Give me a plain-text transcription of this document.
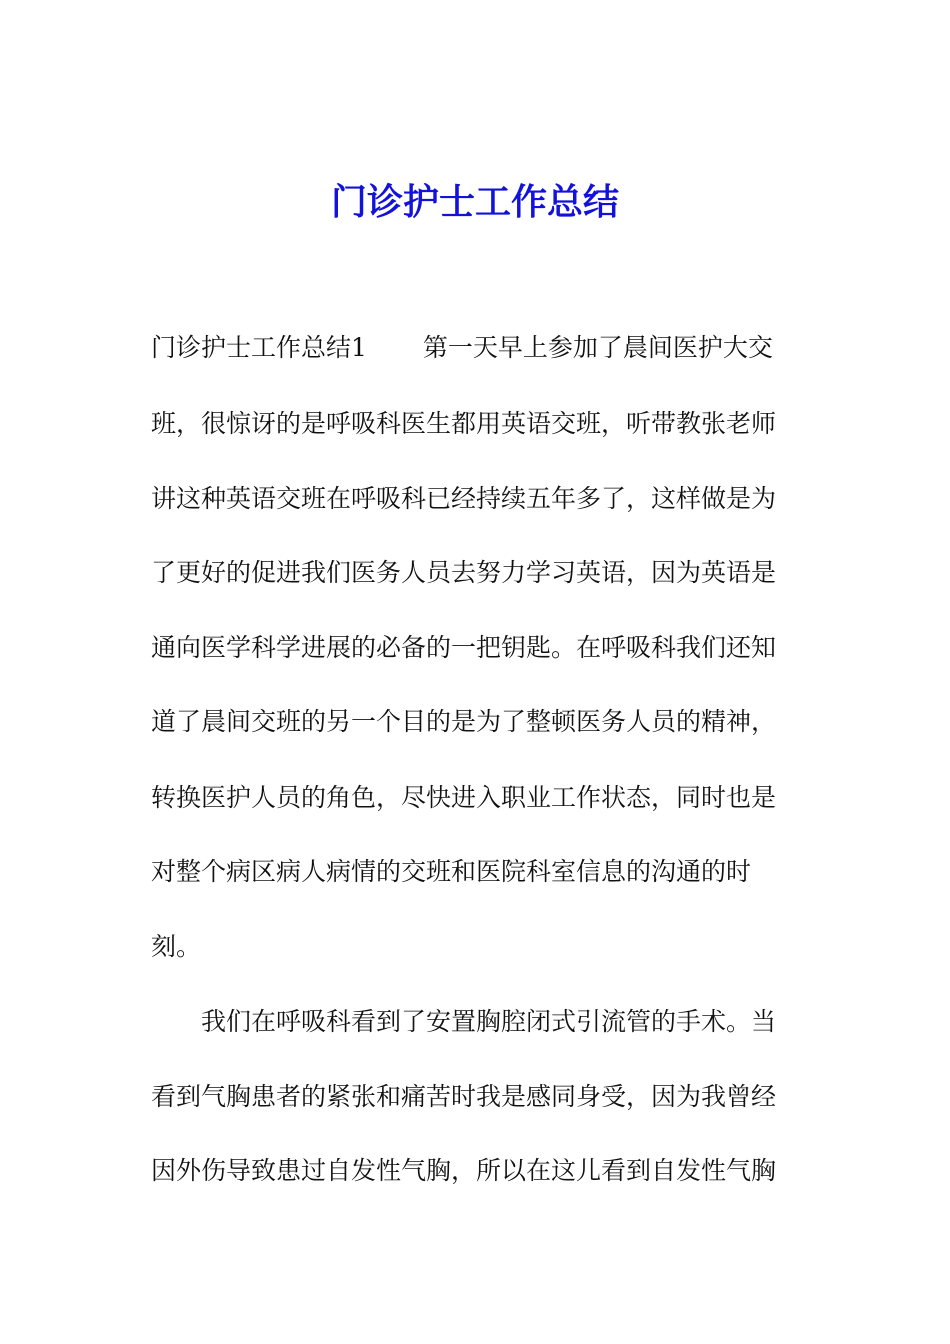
门诊护士工作总结
门诊护士工作总结1 第一天早上参加了晨间医护大交
班，很惊讶的是呼吸科医生都用英语交班，听带教张老师
讲这种英语交班在呼吸科已经持续五年多了，这样做是为
了更好的促进我们医务人员去努力学习英语，因为英语是
通向医学科学进展的必备的一把钥匙。在呼吸科我们还知
道了晨间交班的另一个目的是为了整顿医务人员的精神，
转换医护人员的角色，尽快进入职业工作状态，同时也是
对整个病区病人病情的交班和医院科室信息的沟通的时
刻。
我们在呼吸科看到了安置胸腔闭式引流管的手术。当
看到气胸患者的紧张和痛苦时我是感同身受，因为我曾经
因外伤导致患过自发性气胸，所以在这儿看到自发性气胸
